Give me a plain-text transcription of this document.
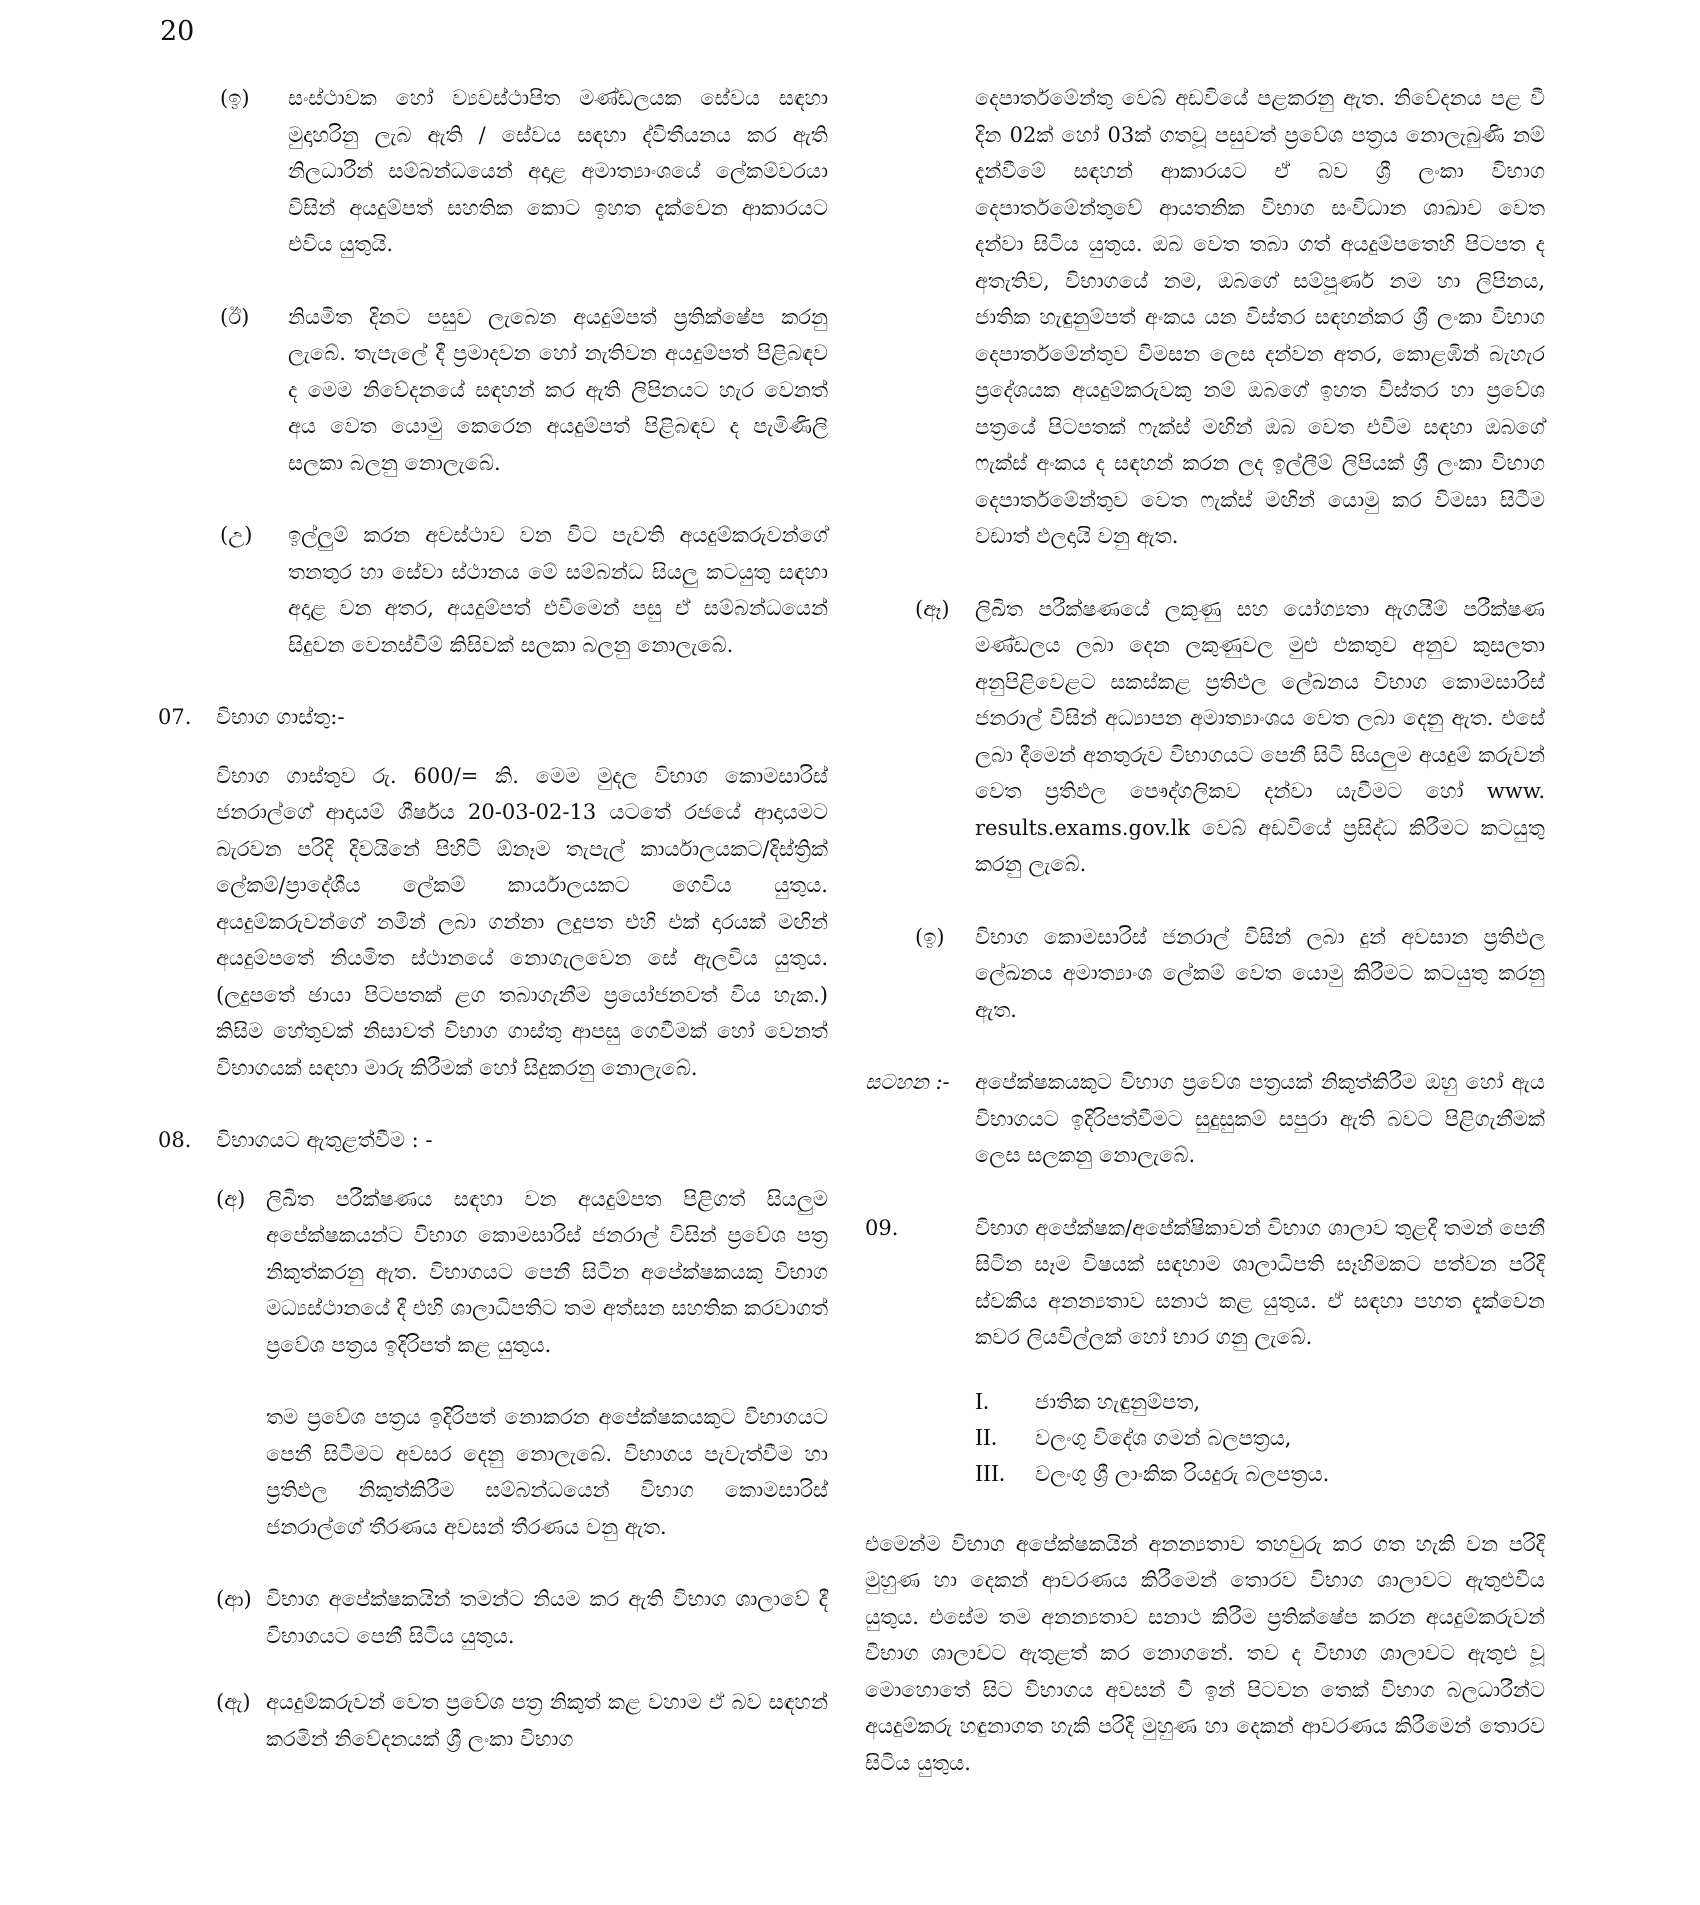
20
(ඉ)	සංස්ථාවක හෝ ව්‍යවස්ථාපිත මණ්ඩලයක සේවය සඳහා මුදාහරිනු ලැබ ඇති / සේවය සඳහා ද්විතීයනය කර ඇති නිලධාරීන් සම්බන්ධයෙන් අදාළ අමාත්‍යාංශයේ ලේකම්වරයා විසින් අයදුම්පත් සහතික කොට ඉහත දැක්වෙන ආකාරයට එවිය යුතුයි.

(ඊ)	නියමිත දිනට පසුව ලැබෙන අයදුම්පත් ප්‍රතික්ෂේප කරනු ලැබේ. තැපැලේ දී ප්‍රමාදවන හෝ නැතිවන අයදුම්පත් පිළිබඳව ද මෙම නිවේදනයේ සඳහන් කර ඇති ලිපිනයට හැර වෙනත් අය වෙත යොමු කෙරෙන අයදුම්පත් පිළිබඳව ද පැමිණිලි සලකා බලනු නොලැබේ.

(උ)	ඉල්ලුම් කරන අවස්ථාව වන විට පැවති අයදුම්කරුවන්ගේ තනතුර හා සේවා ස්ථානය මේ සම්බන්ධ සියලු කටයුතු සඳහා අදාළ වන අතර, අයදුම්පත් එවීමෙන් පසු ඒ සම්බන්ධයෙන් සිදුවන වෙනස්වීම් කිසිවක් සලකා බලනු නොලැබේ.

07.	විභාග ගාස්තු:-

විභාග ගාස්තුව රු. 600/= කි. මෙම මුදල විභාග කොමසාරිස් ජනරාල්ගේ ආදායම් ශීර්ෂය 20-03-02-13 යටතේ රජයේ ආදායමට බැරවන පරිදි දිවයිනේ පිහිටි ඕනෑම තැපැල් කාර්යාලයකට/දිස්ත්‍රික් ලේකම්/ප්‍රාදේශීය ලේකම් කාර්යාලයකට ගෙවිය යුතුය. අයදුම්කරුවන්ගේ නමින් ලබා ගන්නා ලදුපත එහි එක් දාරයක් මඟින් අයදුම්පතේ නියමිත ස්ථානයේ නොගැලවෙන සේ ඇලවිය යුතුය. (ලදුපතේ ඡායා පිටපතක් ළග තබාගැනීම ප්‍රයෝජනවත් විය හැක.) කිසිම හේතුවක් නිසාවත් විභාග ගාස්තු ආපසු ගෙවීමක් හෝ වෙනත් විභාගයක් සඳහා මාරු කිරීමක් හෝ සිදුකරනු නොලැබේ.

08.	විභාගයට ඇතුළත්වීම : -
(අ) ලිඛිත පරීක්ෂණය සඳහා වන අයදුම්පත පිළිගත් සියලුම අපේක්ෂකයන්ට විභාග කොමසාරිස් ජනරාල් විසින් ප්‍රවේශ පත්‍ර නිකුත්කරනු ඇත. විභාගයට පෙනී සිටින අපේක්ෂකයකු විභාග මධ්‍යස්ථානයේ දී එහි ශාලාධිපතිට තම අත්සන සහතික කරවාගත් ප්‍රවේශ පත්‍රය ඉදිරිපත් කළ යුතුය.

තම ප්‍රවේශ පත්‍රය ඉදිරිපත් නොකරන අපේක්ෂකයකුට විභාගයට පෙනී සිටීමට අවසර දෙනු නොලැබේ. විභාගය පැවැත්වීම හා ප්‍රතිඵල නිකුත්කිරීම සම්බන්ධයෙන් විභාග කොමසාරිස් ජනරාල්ගේ තීරණය අවසන් තීරණය වනු ඇත.

(ආ) විභාග අපේක්ෂකයින් තමන්ට නියම කර ඇති විභාග ශාලාවේ දී විභාගයට පෙනී සිටිය යුතුය.

(ඇ) අයදුම්කරුවන් වෙත ප්‍රවේශ පත්‍ර නිකුත් කළ වහාම ඒ බව සඳහන් කරමින් නිවේදනයක් ශ්‍රී ලංකා විභාග

දෙපාර්තමේන්තු වෙබ් අඩවියේ පළකරනු ඇත. නිවේදනය පළ වී දින 02ක් හෝ 03ක් ගතවූ පසුවත් ප්‍රවේශ පත්‍රය නොලැබුණි නම් දැන්වීමේ සඳහන් ආකාරයට ඒ බව ශ්‍රී ලංකා විභාග දෙපාර්තමේන්තුවේ ආයතනික විභාග සංවිධාන ශාඛාව වෙත දන්වා සිටිය යුතුය. ඔබ වෙත තබා ගත් අයදුම්පතෙහි පිටපත ද අතැතිව, විභාගයේ නම, ඔබගේ සම්පූර්ණ නම හා ලිපිනය, ජාතික හැඳුනුම්පත් අංකය යන විස්තර සඳහන්කර ශ්‍රී ලංකා විභාග දෙපාර්තමේන්තුව විමසන ලෙස දන්වන අතර, කොළඹින් බැහැර ප්‍රදේශයක අයදුම්කරුවකු නම් ඔබගේ ඉහත විස්තර හා ප්‍රවේශ පත්‍රයේ පිටපතක් ෆැක්ස් මඟින් ඔබ වෙත එවීම සඳහා ඔබගේ ෆැක්ස් අංකය ද සඳහන් කරන ලද ඉල්ලීම් ලිපියක් ශ්‍රී ලංකා විභාග දෙපාර්තමේන්තුව වෙත ෆැක්ස් මඟින් යොමු කර විමසා සිටීම වඩාත් ඵලදායි වනු ඇත.

(ඈ)	ලිඛිත පරීක්ෂණයේ ලකුණු සහ යෝග්‍යතා ඇගයීම් පරීක්ෂණ මණ්ඩලය ලබා දෙන ලකුණුවල මුළු එකතුව අනුව කුසලතා අනුපිළිවෙළට සකස්කළ ප්‍රතිඵල ලේඛනය විභාග කොමසාරිස් ජනරාල් විසින් අධ්‍යාපන අමාත්‍යාංශය වෙත ලබා දෙනු ඇත. එසේ ලබා දීමෙන් අනතුරුව විභාගයට පෙනී සිටි සියලුම අයදුම් කරුවන් වෙත ප්‍රතිඵල පෞද්ගලිකව දන්වා යැවීමට හෝ www. results.exams.gov.lk වෙබ් අඩවියේ ප්‍රසිද්ධ කිරීමට කටයුතු කරනු ලැබේ.

(ඉ)	විභාග කොමසාරිස් ජනරාල් විසින් ලබා දුන් අවසාන ප්‍රතිඵල ලේඛනය අමාත්‍යාංශ ලේකම් වෙත යොමු කිරීමට කටයුතු කරනු ඇත.

සටහන :-	අපේක්ෂකයකුට විභාග ප්‍රවේශ පත්‍රයක් නිකුත්කිරීම ඔහු හෝ ඇය විභාගයට ඉදිරිපත්වීමට සුදුසුකම් සපුරා ඇති බවට පිළිගැනීමක් ලෙස සලකනු නොලැබේ.

09.	විභාග අපේක්ෂක/අපේක්ෂිකාවන් විභාග ශාලාව තුළදී තමන් පෙනී සිටින සෑම විෂයක් සඳහාම ශාලාධිපති සෑහිමකට පත්වන පරිදි ස්වකීය අනන්‍යතාව සනාථ කළ යුතුය. ඒ සඳහා පහත දැක්වෙන කවර ලියවිල්ලක් හෝ භාර ගනු ලැබේ.

I.	ජාතික හැඳුනුම්පත,
II.	වලංගු විදේශ ගමන් බලපත්‍රය,
III.	වලංගු ශ්‍රී ලාංකික රියදුරු බලපත්‍රය.

එමෙන්ම විභාග අපේක්ෂකයින් අනන්‍යතාව තහවුරු කර ගත හැකි වන පරිදි මුහුණ හා දෙකන් ආවරණය කිරීමෙන් තොරව විභාග ශාලාවට ඇතුළුවිය යුතුය. එසේම තම අනන්‍යතාව සනාථ කිරීම ප්‍රතික්ෂේප කරන අයදුම්කරුවන් විභාග ශාලාවට ඇතුළත් කර නොගනේ. තව ද විභාග ශාලාවට ඇතුළු වූ මොහොතේ සිට විභාගය අවසන් වී ඉන් පිටවන තෙක් විභාග බලධාරීන්ට අයදුම්කරු හඳුනාගත හැකි පරිදි මුහුණ හා දෙකන් ආවරණය කිරීමෙන් තොරව සිටිය යුතුය.
